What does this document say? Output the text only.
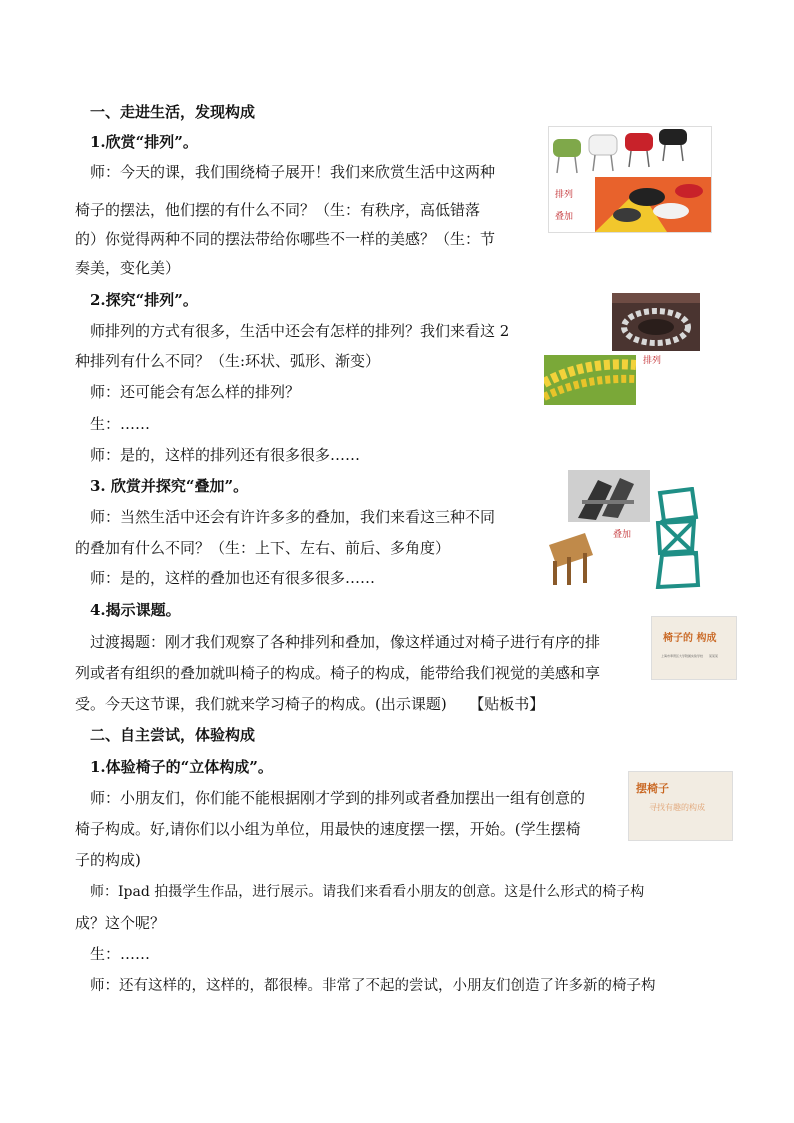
一、走进生活，发现构成
1.欣赏“排列”。
师：今天的课，我们围绕椅子展开！我们来欣赏生活中这两种
椅子的摆法，他们摆的有什么不同？（生：有秩序，高低错落
的）你觉得两种不同的摆法带给你哪些不一样的美感？（生：节
奏美，变化美）
2.探究“排列”。
师排列的方式有很多，生活中还会有怎样的排列？我们来看这 2
种排列有什么不同？（生:环状、弧形、渐变）
师：还可能会有怎么样的排列？
生：……
师：是的，这样的排列还有很多很多……
3. 欣赏并探究“叠加”。
师：当然生活中还会有许许多多的叠加，我们来看这三种不同
的叠加有什么不同？（生：上下、左右、前后、多角度）
师：是的，这样的叠加也还有很多很多……
4.揭示课题。
过渡揭题：刚才我们观察了各种排列和叠加，像这样通过对椅子进行有序的排
列或者有组织的叠加就叫椅子的构成。椅子的构成，能带给我们视觉的美感和享
受。今天这节课，我们就来学习椅子的构成。(出示课题)　　【贴板书】
二、自主尝试，体验构成
1.体验椅子的“立体构成”。
师：小朋友们，你们能不能根据刚才学到的排列或者叠加摆出一组有创意的
椅子构成。好,请你们以小组为单位，用最快的速度摆一摆，开始。(学生摆椅
子的构成)
师：Ipad 拍摄学生作品，进行展示。请我们来看看小朋友的创意。这是什么形式的椅子构
成？这个呢？
生：……
师：还有这样的，这样的，都很棒。非常了不起的尝试，小朋友们创造了许多新的椅子构
排列
叠加
排列
叠加
椅子的 构成
上海市奉贤区大学附属实验学校　　某某某
摆椅子
寻找有趣的构成
